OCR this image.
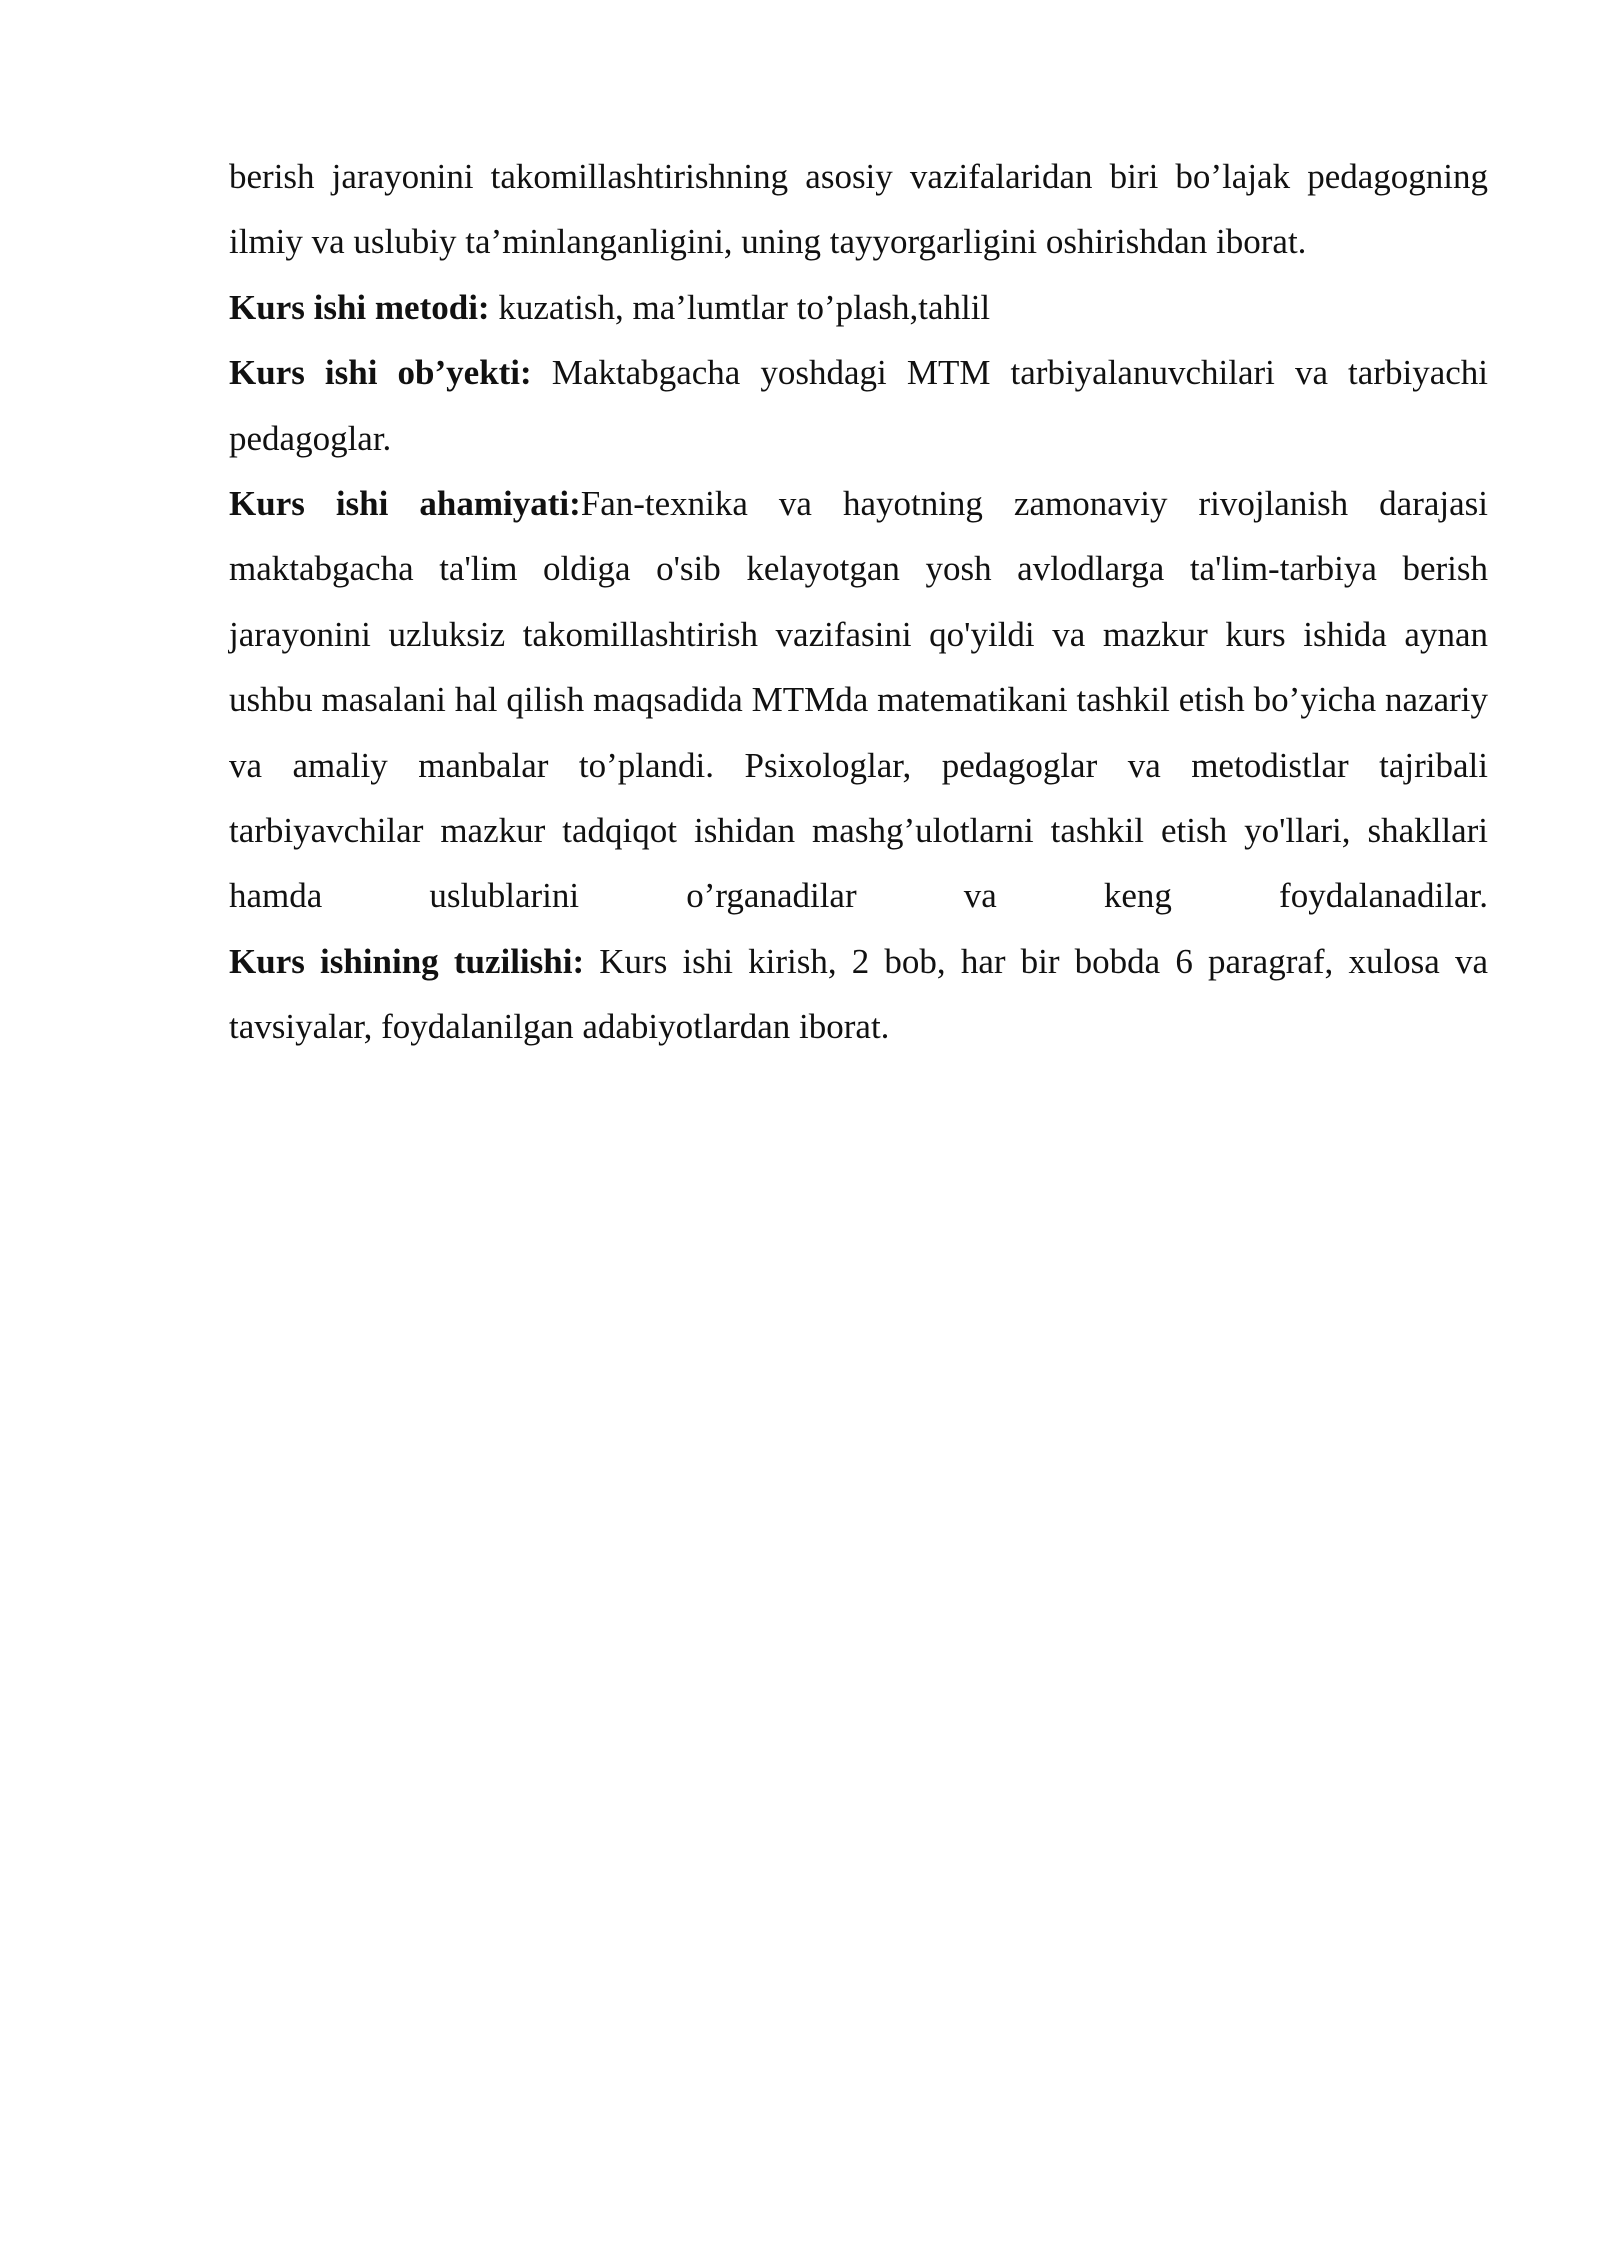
berish jarayonini takomillashtirishning asosiy vazifalaridan biri bo’lajak pedagogning ilmiy va uslubiy ta’minlanganligini, uning tayyorgarligini oshirishdan iborat.

Kurs ishi metodi: kuzatish, ma’lumtlar to’plash,tahlil

Kurs ishi ob’yekti: Maktabgacha yoshdagi MTM tarbiyalanuvchilari va tarbiyachi pedagoglar.

Kurs ishi ahamiyati:Fan-texnika va hayotning zamonaviy rivojlanish darajasi maktabgacha ta'lim oldiga o'sib kelayotgan yosh avlodlarga ta'lim-tarbiya berish jarayonini uzluksiz takomillashtirish vazifasini qo'yildi va mazkur kurs ishida aynan ushbu masalani hal qilish maqsadida MTMda matematikani tashkil etish bo’yicha nazariy va amaliy manbalar to’plandi. Psixologlar, pedagoglar va metodistlar tajribali tarbiyavchilar mazkur tadqiqot ishidan mashg’ulotlarni tashkil etish yo'llari, shakllari hamda uslublarini o’rganadilar va keng foydalanadilar.

Kurs ishining tuzilishi: Kurs ishi kirish, 2 bob, har bir bobda 6 paragraf, xulosa va tavsiyalar, foydalanilgan adabiyotlardan iborat.
